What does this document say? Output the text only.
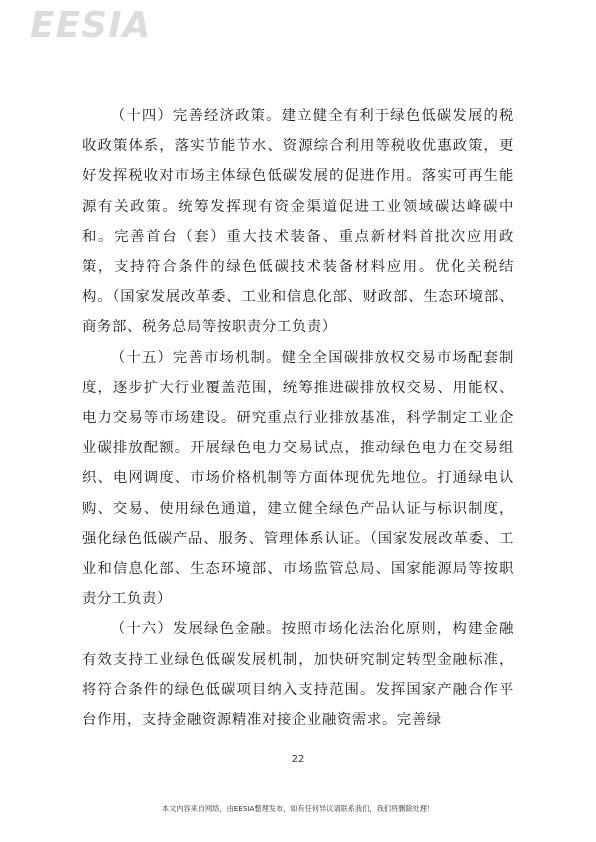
EESIA

（十四）完善经济政策。建立健全有利于绿色低碳发展的税收政策体系，落实节能节水、资源综合利用等税收优惠政策，更好发挥税收对市场主体绿色低碳发展的促进作用。落实可再生能源有关政策。统筹发挥现有资金渠道促进工业领域碳达峰碳中和。完善首台（套）重大技术装备、重点新材料首批次应用政策，支持符合条件的绿色低碳技术装备材料应用。优化关税结构。（国家发展改革委、工业和信息化部、财政部、生态环境部、商务部、税务总局等按职责分工负责）

（十五）完善市场机制。健全全国碳排放权交易市场配套制度，逐步扩大行业覆盖范围，统筹推进碳排放权交易、用能权、电力交易等市场建设。研究重点行业排放基准，科学制定工业企业碳排放配额。开展绿色电力交易试点，推动绿色电力在交易组织、电网调度、市场价格机制等方面体现优先地位。打通绿电认购、交易、使用绿色通道，建立健全绿色产品认证与标识制度，强化绿色低碳产品、服务、管理体系认证。（国家发展改革委、工业和信息化部、生态环境部、市场监管总局、国家能源局等按职责分工负责）

（十六）发展绿色金融。按照市场化法治化原则，构建金融有效支持工业绿色低碳发展机制，加快研究制定转型金融标准，将符合条件的绿色低碳项目纳入支持范围。发挥国家产融合作平台作用，支持金融资源精准对接企业融资需求。完善绿

22
本文内容来自网络，由EESIA整理发布，如有任何异议请联系我们，我们将删除处理！
